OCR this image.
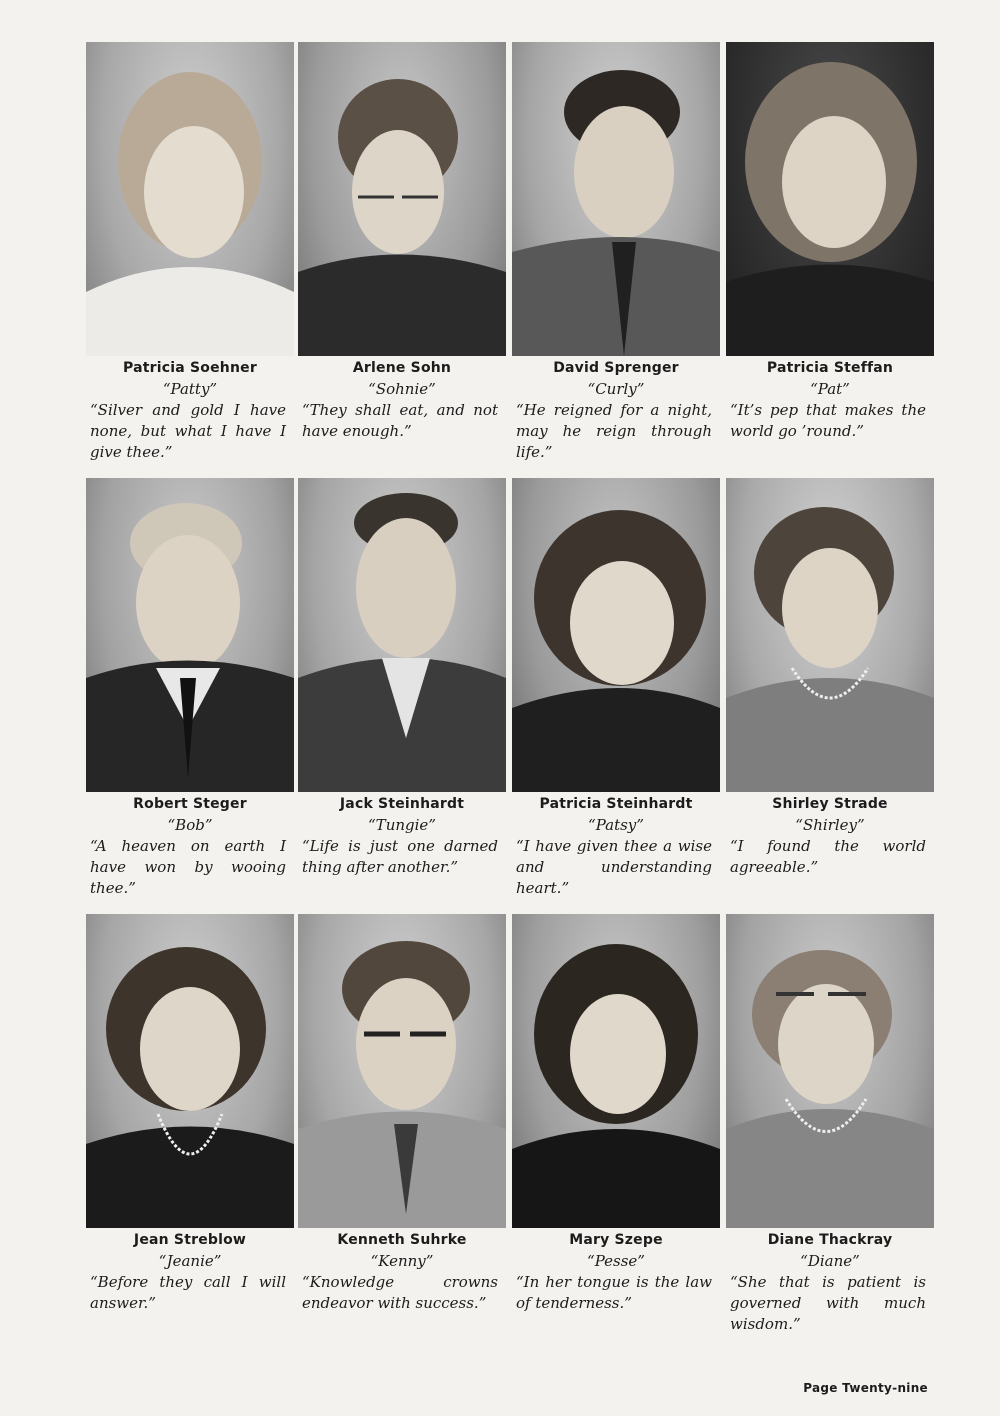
Patricia Soehner
“Patty”
“Silver and gold I have none, but what I have I give thee.”
Arlene Sohn
“Sohnie”
“They shall eat, and not have enough.”
David Sprenger
“Curly”
“He reigned for a night, may he reign through life.”
Patricia Steffan
“Pat”
“It’s pep that makes the world go ’round.”
Robert Steger
“Bob”
“A heaven on earth I have won by wooing thee.”
Jack Steinhardt
“Tungie”
“Life is just one darned thing after another.”
Patricia Steinhardt
“Patsy”
“I have given thee a wise and understanding heart.”
Shirley Strade
“Shirley”
“I found the world agreeable.”
Jean Streblow
“Jeanie”
“Before they call I will answer.”
Kenneth Suhrke
“Kenny”
“Knowledge crowns endeavor with success.”
Mary Szepe
“Pesse”
“In her tongue is the law of tenderness.”
Diane Thackray
“Diane”
“She that is patient is governed with much wisdom.”
Page Twenty-nine
